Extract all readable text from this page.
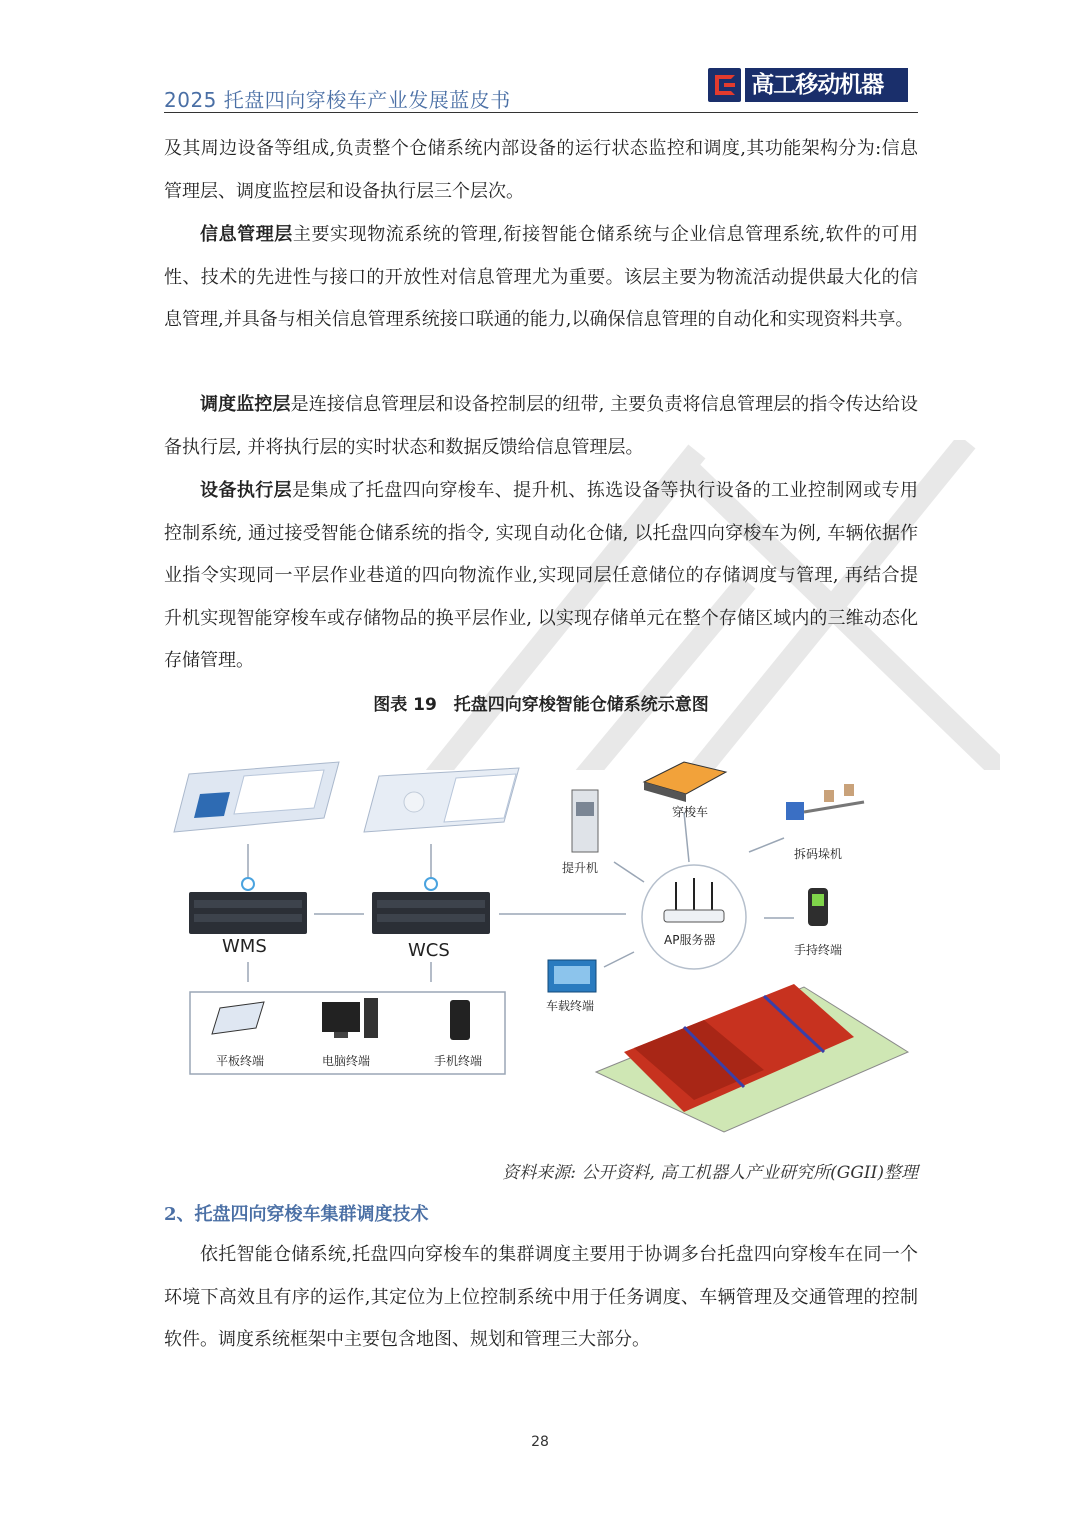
2025 托盘四向穿梭车产业发展蓝皮书
高工移动机器人

及其周边设备等组成,负责整个仓储系统内部设备的运行状态监控和调度,其功能架构分为:信息管理层、调度监控层和设备执行层三个层次。

信息管理层主要实现物流系统的管理,衔接智能仓储系统与企业信息管理系统,软件的可用性、技术的先进性与接口的开放性对信息管理尤为重要。该层主要为物流活动提供最大化的信息管理,并具备与相关信息管理系统接口联通的能力,以确保信息管理的自动化和实现资料共享。

调度监控层是连接信息管理层和设备控制层的纽带, 主要负责将信息管理层的指令传达给设备执行层, 并将执行层的实时状态和数据反馈给信息管理层。

设备执行层是集成了托盘四向穿梭车、提升机、拣选设备等执行设备的工业控制网或专用控制系统, 通过接受智能仓储系统的指令, 实现自动化仓储, 以托盘四向穿梭车为例, 车辆依据作业指令实现同一平层作业巷道的四向物流作业,实现同层任意储位的存储调度与管理, 再结合提升机实现智能穿梭车或存储物品的换平层作业, 以实现存储单元在整个存储区域内的三维动态化存储管理。

图表 19　托盘四向穿梭智能仓储系统示意图
WMS	WCS
平板终端	电脑终端	手机终端
AP服务器
穿梭车
提升机
拆码垛机
手持终端
车载终端
资料来源: 公开资料, 高工机器人产业研究所(GGII)整理
2、托盘四向穿梭车集群调度技术

依托智能仓储系统,托盘四向穿梭车的集群调度主要用于协调多台托盘四向穿梭车在同一个环境下高效且有序的运作,其定位为上位控制系统中用于任务调度、车辆管理及交通管理的控制软件。调度系统框架中主要包含地图、规划和管理三大部分。

28
